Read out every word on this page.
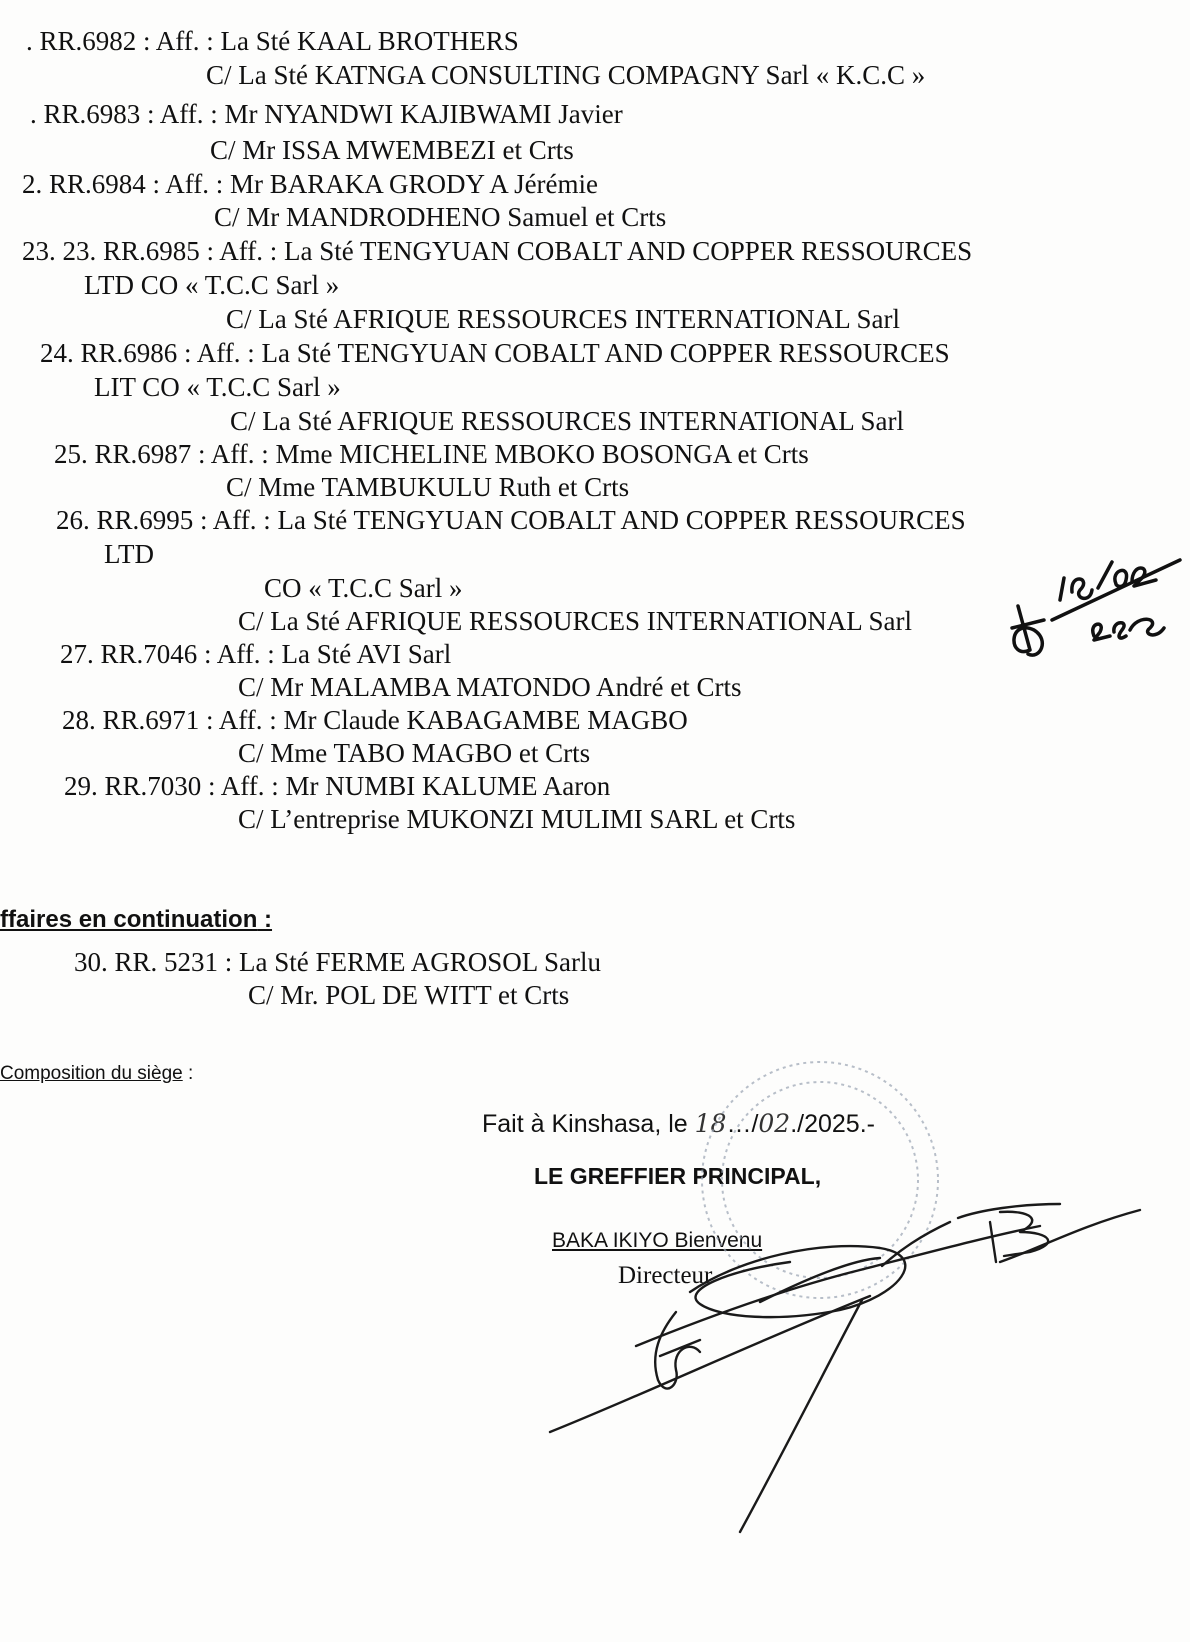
. RR.6982 : Aff. : La Sté KAAL BROTHERS
C/ La Sté KATNGA CONSULTING COMPAGNY Sarl « K.C.C »
. RR.6983 : Aff. : Mr NYANDWI KAJIBWAMI Javier
C/ Mr ISSA MWEMBEZI et Crts
2. RR.6984 : Aff. : Mr BARAKA GRODY A Jérémie
C/ Mr MANDRODHENO Samuel et Crts
23. 23. RR.6985 : Aff. : La Sté TENGYUAN COBALT AND COPPER RESSOURCES
LTD CO « T.C.C Sarl »
C/ La Sté AFRIQUE RESSOURCES INTERNATIONAL Sarl
24. RR.6986 : Aff. : La Sté TENGYUAN COBALT AND COPPER RESSOURCES
LIT CO « T.C.C Sarl »
C/ La Sté AFRIQUE RESSOURCES INTERNATIONAL Sarl
25. RR.6987 : Aff. : Mme MICHELINE MBOKO BOSONGA et Crts
C/ Mme TAMBUKULU Ruth et Crts
26. RR.6995 : Aff. : La Sté TENGYUAN COBALT AND COPPER RESSOURCES
LTD
CO « T.C.C Sarl »
C/ La Sté AFRIQUE RESSOURCES INTERNATIONAL Sarl
27. RR.7046 : Aff. : La Sté AVI Sarl
C/ Mr MALAMBA MATONDO André et Crts
28. RR.6971 : Aff. : Mr Claude KABAGAMBE MAGBO
C/ Mme TABO MAGBO et Crts
29. RR.7030 : Aff. : Mr NUMBI KALUME Aaron
C/ L’entreprise MUKONZI MULIMI SARL et Crts
ffaires en continuation :
30. RR. 5231 : La Sté FERME AGROSOL Sarlu
C/ Mr. POL DE WITT et Crts
Composition du siège :
Fait à Kinshasa, le 18…/02./2025.-
LE GREFFIER PRINCIPAL,
BAKA IKIYO Bienvenu
Directeur
